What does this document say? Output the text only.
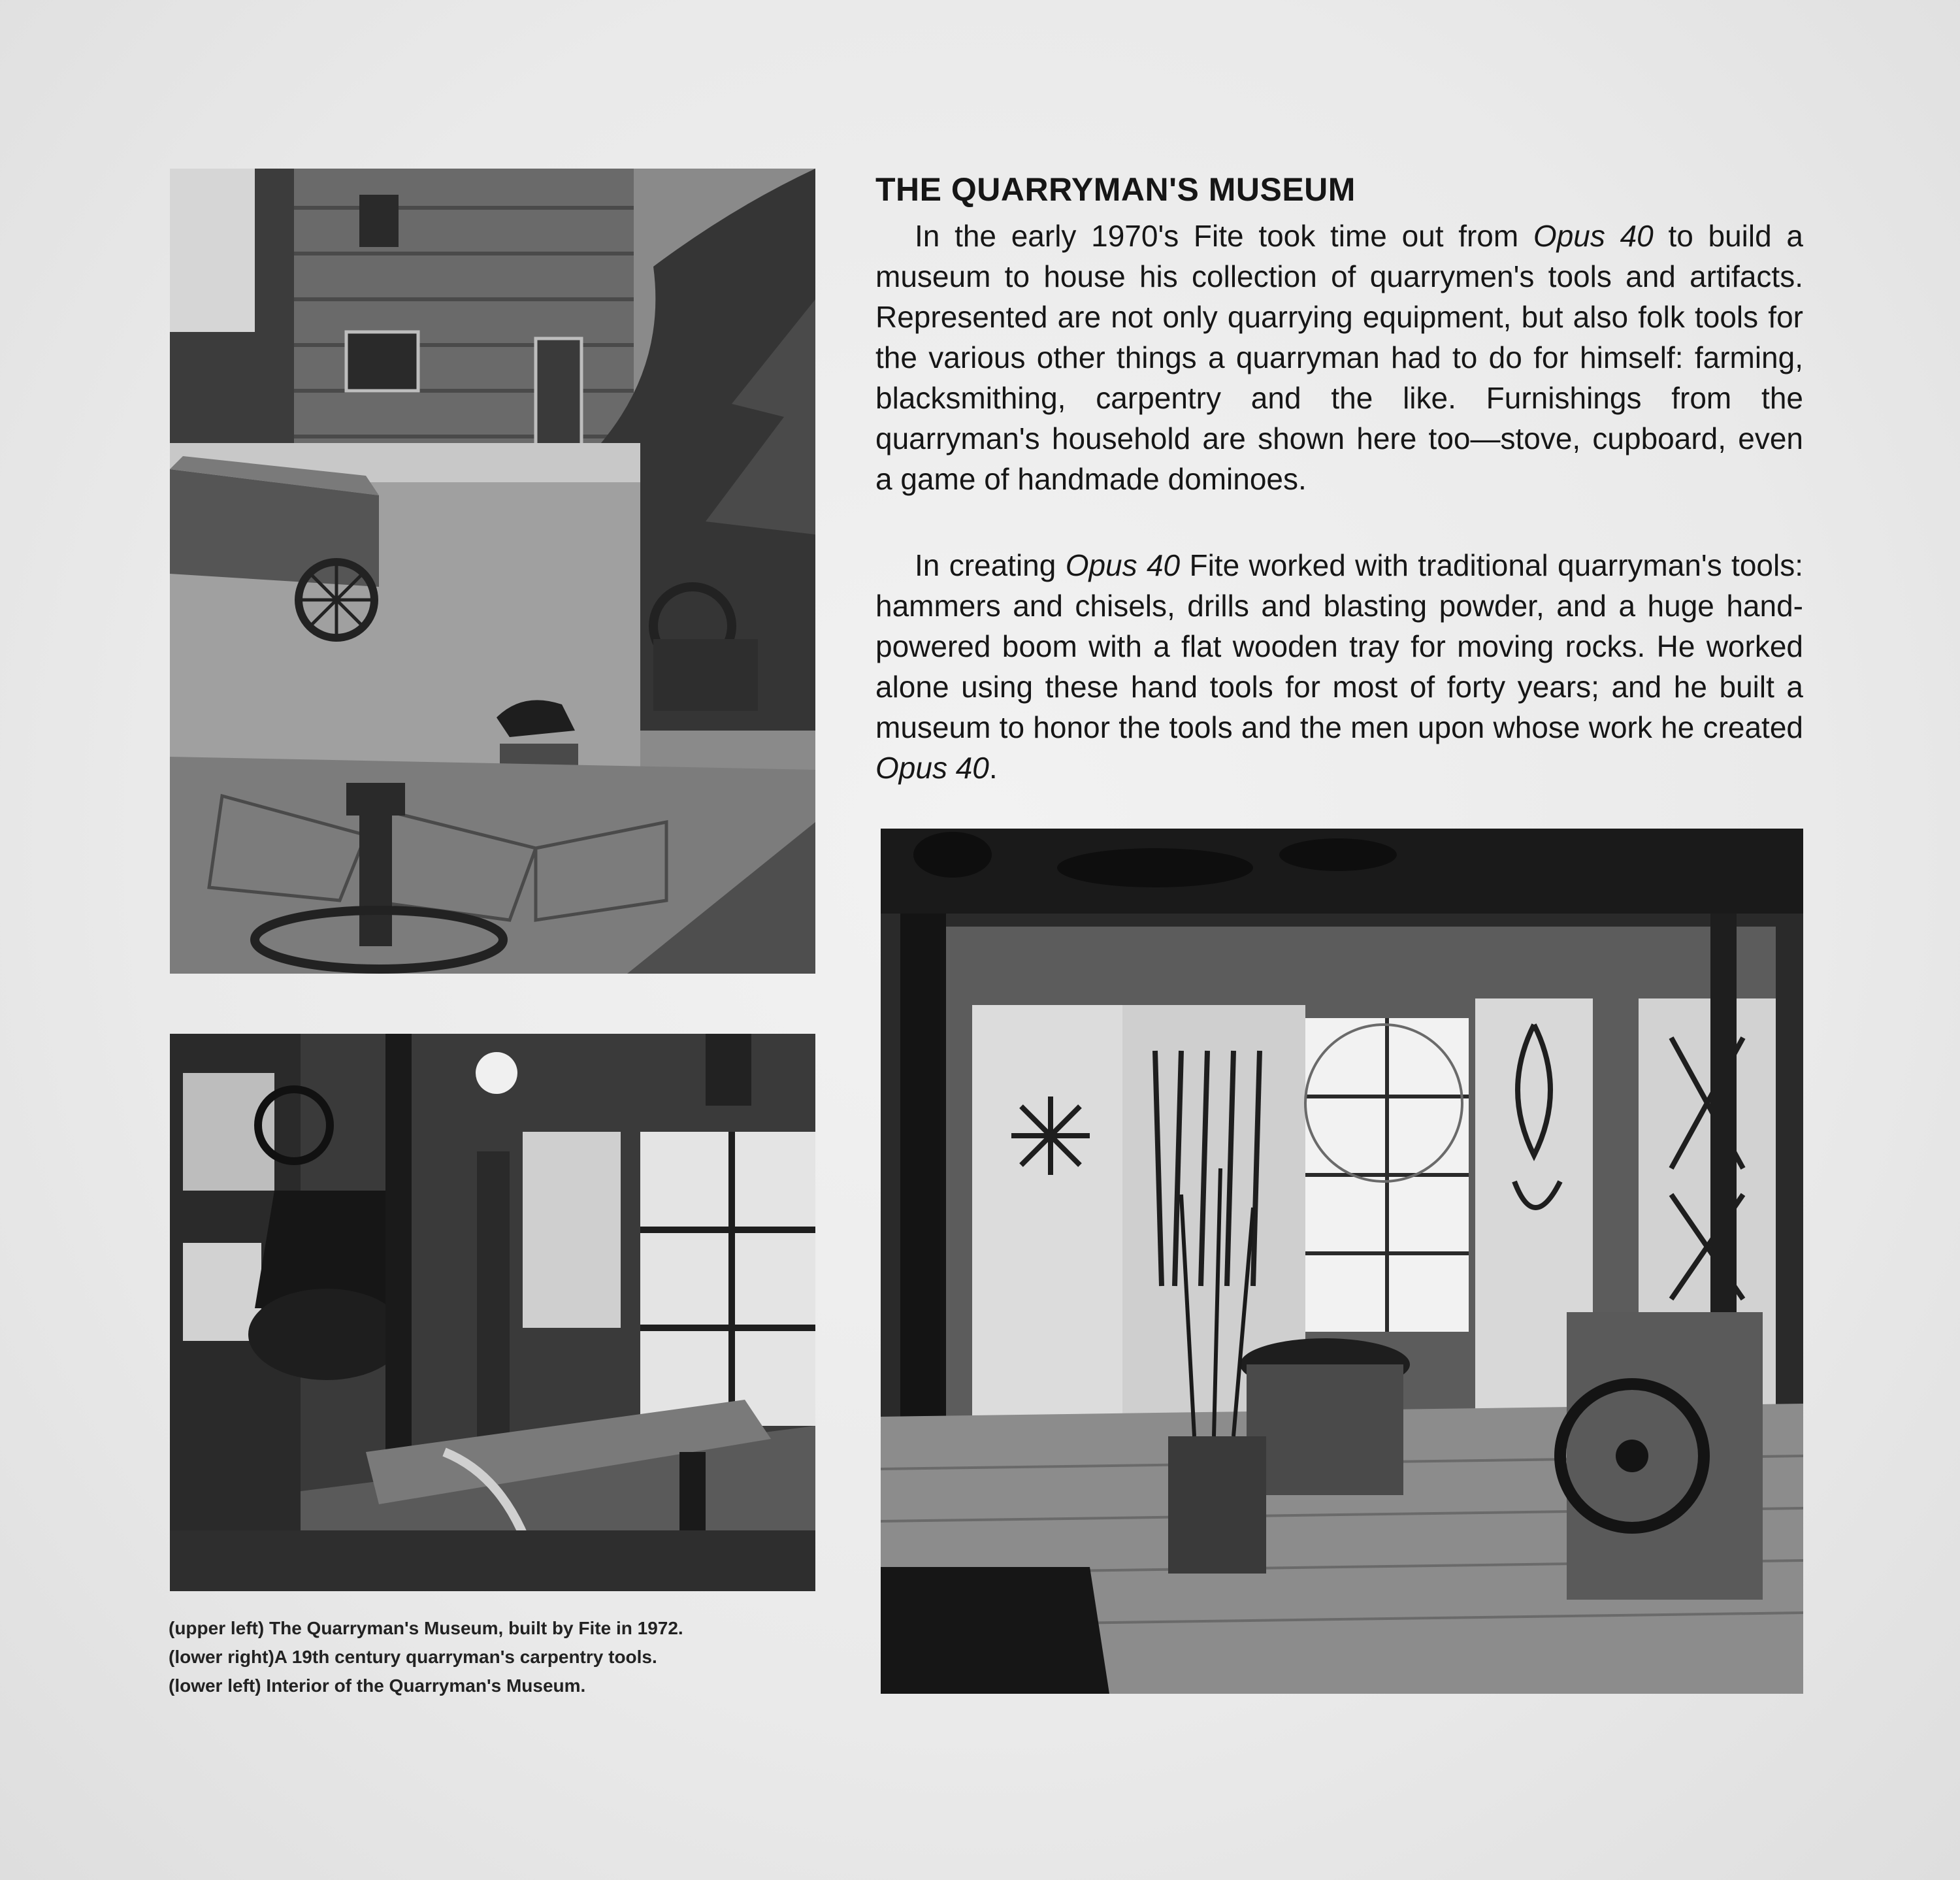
THE QUARRYMAN'S MUSEUM
In the early 1970's Fite took time out from Opus 40 to build a museum to house his collection of quarrymen's tools and artifacts. Represented are not only quarrying equipment, but also folk tools for the various other things a quarryman had to do for himself: farming, blacksmithing, carpentry and the like. Furnishings from the quarryman's household are shown here too—stove, cupboard, even a game of handmade dominoes.
In creating Opus 40 Fite worked with traditional quarryman's tools: hammers and chisels, drills and blasting powder, and a huge hand-powered boom with a flat wooden tray for moving rocks. He worked alone using these hand tools for most of forty years; and he built a museum to honor the tools and the men upon whose work he created Opus 40.
(upper left) The Quarryman's Museum, built by Fite in 1972.
(lower right)A 19th century quarryman's carpentry tools.
(lower left) Interior of the Quarryman's Museum.
